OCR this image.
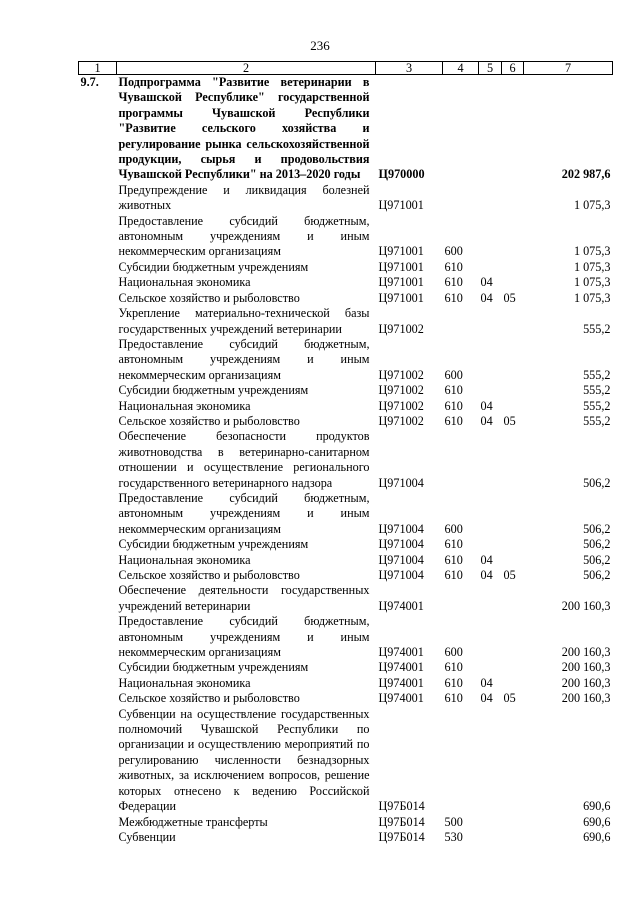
236
1	2	3	4	5	6	7
9.7.	Подпрограмма "Развитие ветеринарии в Чувашской Республике" государственной программы Чувашской Республики "Развитие сельского хозяйства и регулирование рынка сельскохозяйственной продукции, сырья и продовольствия Чувашской Республики" на 2013–2020 годы	Ц970000				202 987,6
	Предупреждение и ликвидация болезней животных	Ц971001				1 075,3
	Предоставление субсидий бюджетным, автономным учреждениям и иным некоммерческим организациям	Ц971001	600			1 075,3
	Субсидии бюджетным учреждениям	Ц971001	610			1 075,3
	Национальная экономика	Ц971001	610	04		1 075,3
	Сельское хозяйство и рыболовство	Ц971001	610	04	05	1 075,3
	Укрепление материально-технической базы государственных учреждений ветеринарии	Ц971002				555,2
	Предоставление субсидий бюджетным, автономным учреждениям и иным некоммерческим организациям	Ц971002	600			555,2
	Субсидии бюджетным учреждениям	Ц971002	610			555,2
	Национальная экономика	Ц971002	610	04		555,2
	Сельское хозяйство и рыболовство	Ц971002	610	04	05	555,2
	Обеспечение безопасности продуктов животноводства в ветеринарно-санитарном отношении и осуществление регионального государственного ветеринарного надзора	Ц971004				506,2
	Предоставление субсидий бюджетным, автономным учреждениям и иным некоммерческим организациям	Ц971004	600			506,2
	Субсидии бюджетным учреждениям	Ц971004	610			506,2
	Национальная экономика	Ц971004	610	04		506,2
	Сельское хозяйство и рыболовство	Ц971004	610	04	05	506,2
	Обеспечение деятельности государственных учреждений ветеринарии	Ц974001				200 160,3
	Предоставление субсидий бюджетным, автономным учреждениям и иным некоммерческим организациям	Ц974001	600			200 160,3
	Субсидии бюджетным учреждениям	Ц974001	610			200 160,3
	Национальная экономика	Ц974001	610	04		200 160,3
	Сельское хозяйство и рыболовство	Ц974001	610	04	05	200 160,3
	Субвенции на осуществление государственных полномочий Чувашской Республики по организации и осуществлению мероприятий по регулированию численности безнадзорных животных, за исключением вопросов, решение которых отнесено к ведению Российской Федерации	Ц97Б014				690,6
	Межбюджетные трансферты	Ц97Б014	500			690,6
	Субвенции	Ц97Б014	530			690,6
